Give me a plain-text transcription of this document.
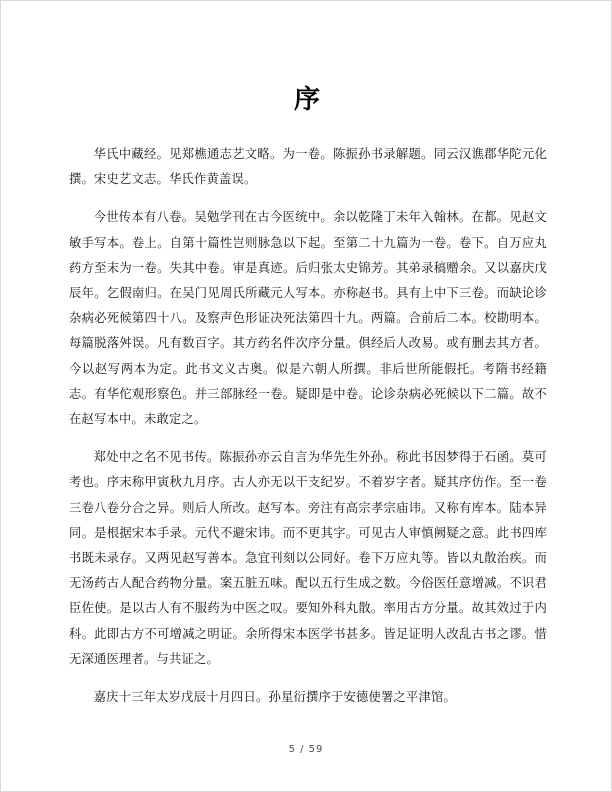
序

华氏中藏经。见郑樵通志艺文略。为一卷。陈振孙书录解题。同云汉谯郡华陀元化撰。宋史艺文志。华氏作黄盖误。

今世传本有八卷。吴勉学刊在古今医统中。余以乾隆丁未年入翰林。在都。见赵文敏手写本。卷上。自第十篇性岂则脉急以下起。至第二十九篇为一卷。卷下。自万应丸药方至末为一卷。失其中卷。审是真迹。后归张太史锦芳。其弟录稿赠余。又以嘉庆戊辰年。乞假南归。在吴门见周氏所藏元人写本。亦称赵书。具有上中下三卷。而缺论诊杂病必死候第四十八。及察声色形证决死法第四十九。两篇。合前后二本。校勘明本。每篇脱落舛误。凡有数百字。其方药名件次序分量。俱经后人改易。或有删去其方者。今以赵写两本为定。此书文义古奥。似是六朝人所撰。非后世所能假托。考隋书经籍志。有华佗观形察色。并三部脉经一卷。疑即是中卷。论诊杂病必死候以下二篇。故不在赵写本中。未敢定之。

郑处中之名不见书传。陈振孙亦云自言为华先生外孙。称此书因梦得于石函。莫可考也。序末称甲寅秋九月序。古人亦无以干支纪岁。不着岁字者。疑其序仿作。至一卷三卷八卷分合之异。则后人所改。赵写本。旁注有高宗孝宗庙讳。又称有库本。陆本异同。是根据宋本手录。元代不避宋讳。而不更其字。可见古人审慎阙疑之意。此书四库书既未录存。又两见赵写善本。急宜刊刻以公同好。卷下万应丸等。皆以丸散治疾。而无汤药古人配合药物分量。案五脏五味。配以五行生成之数。今俗医任意增减。不识君臣佐使。是以古人有不服药为中医之叹。要知外科丸散。率用古方分量。故其效过于内科。此即古方不可增减之明证。余所得宋本医学书甚多。皆足证明人改乱古书之谬。惜无深通医理者。与共证之。

嘉庆十三年太岁戊辰十月四日。孙星衍撰序于安德使署之平津馆。

5 / 59
